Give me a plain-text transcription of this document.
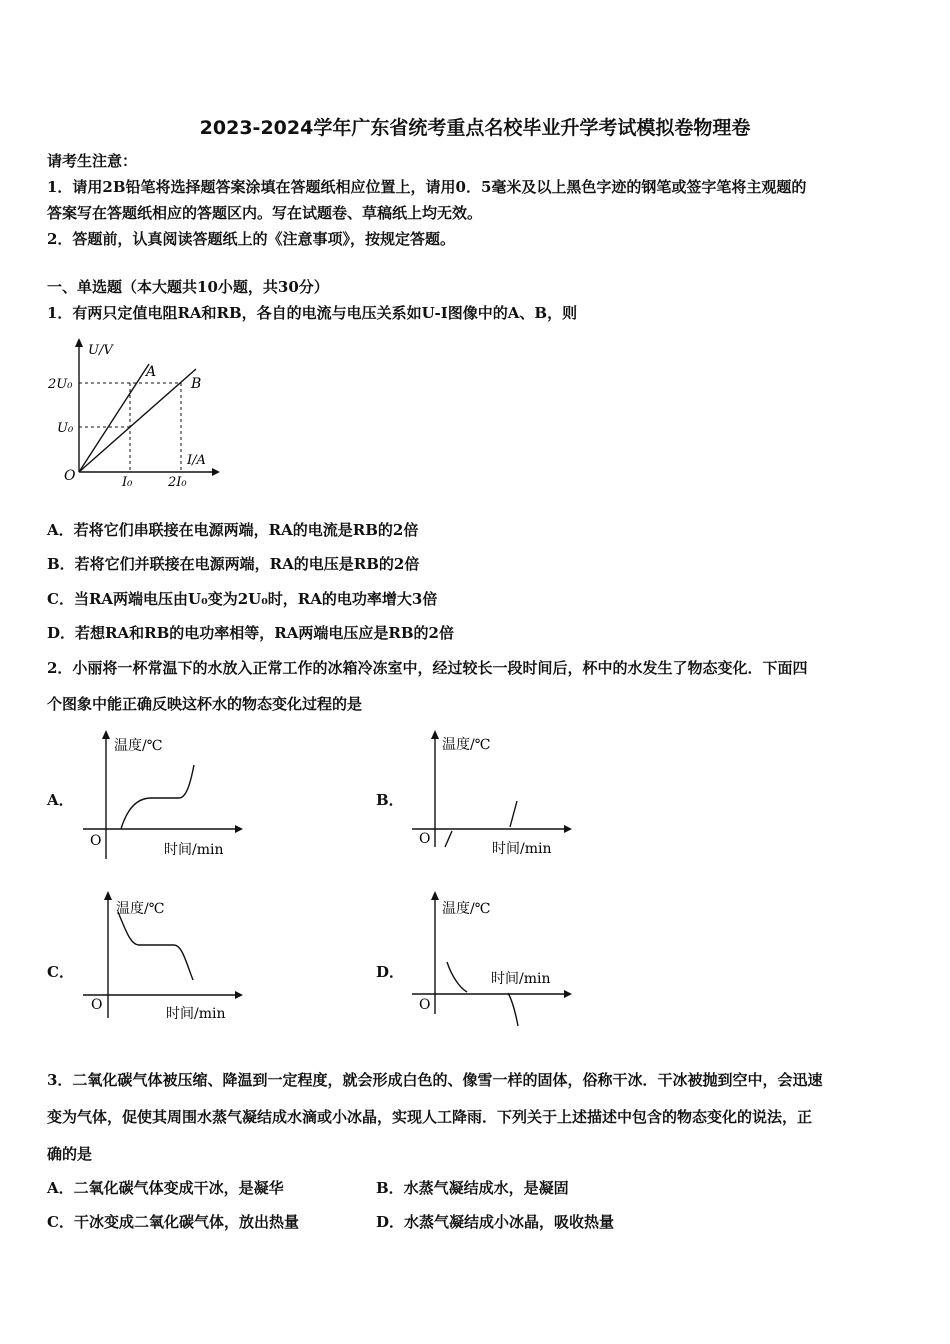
2023-2024学年广东省统考重点名校毕业升学考试模拟卷物理卷
请考生注意：
1．请用2B铅笔将选择题答案涂填在答题纸相应位置上，请用0．5毫米及以上黑色字迹的钢笔或签字笔将主观题的
答案写在答题纸相应的答题区内。写在试题卷、草稿纸上均无效。
2．答题前，认真阅读答题纸上的《注意事项》，按规定答题。
一、单选题（本大题共10小题，共30分）
1．有两只定值电阻RA和RB，各自的电流与电压关系如U-I图像中的A、B，则
U/V
I/A
O
2U₀
U₀
I₀	2I₀
A
B
A．若将它们串联接在电源两端，RA的电流是RB的2倍
B．若将它们并联接在电源两端，RA的电压是RB的2倍
C．当RA两端电压由U₀变为2U₀时，RA的电功率增大3倍
D．若想RA和RB的电功率相等，RA两端电压应是RB的2倍
2．小丽将一杯常温下的水放入正常工作的冰箱冷冻室中，经过较长一段时间后，杯中的水发生了物态变化．下面四
个图象中能正确反映这杯水的物态变化过程的是
A．
温度/℃
O
时间/min
B．
温度/℃
O
时间/min
C．
温度/℃
O
时间/min
D．
温度/℃
O
时间/min
3．二氧化碳气体被压缩、降温到一定程度，就会形成白色的、像雪一样的固体，俗称干冰．干冰被抛到空中，会迅速
变为气体，促使其周围水蒸气凝结成水滴或小冰晶，实现人工降雨．下列关于上述描述中包含的物态变化的说法，正
确的是
A．二氧化碳气体变成干冰，是凝华	B．水蒸气凝结成水，是凝固
C．干冰变成二氧化碳气体，放出热量	D．水蒸气凝结成小冰晶，吸收热量
